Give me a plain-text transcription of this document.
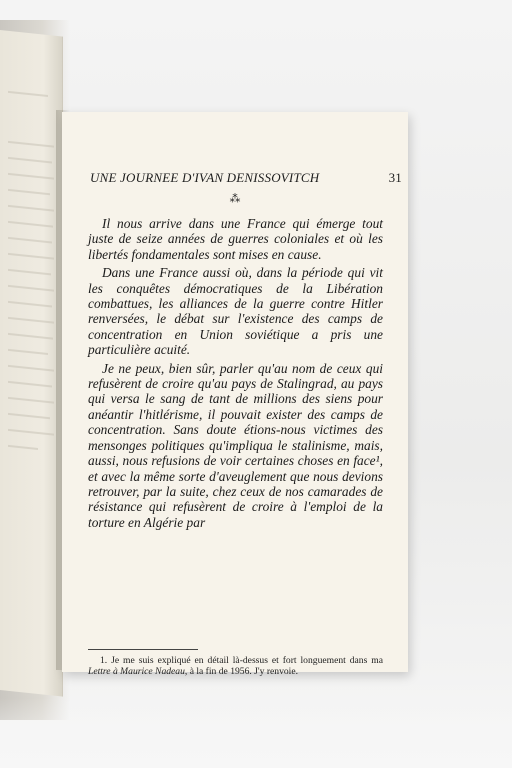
UNE JOURNEE D'IVAN DENISSOVITCH	31
⁂

Il nous arrive dans une France qui émerge tout juste de seize années de guerres coloniales et où les libertés fondamentales sont mises en cause.

Dans une France aussi où, dans la période qui vit les conquêtes démocratiques de la Libération combattues, les alliances de la guerre contre Hitler renversées, le débat sur l'existence des camps de concentration en Union soviétique a pris une particulière acuité.

Je ne peux, bien sûr, parler qu'au nom de ceux qui refusèrent de croire qu'au pays de Stalingrad, au pays qui versa le sang de tant de millions des siens pour anéantir l'hitlérisme, il pouvait exister des camps de concentration. Sans doute étions-nous victimes des mensonges politiques qu'impliqua le stalinisme, mais, aussi, nous refusions de voir certaines choses en face¹, et avec la même sorte d'aveuglement que nous devions retrouver, par la suite, chez ceux de nos camarades de résistance qui refusèrent de croire à l'emploi de la torture en Algérie par

1. Je me suis expliqué en détail là-dessus et fort longuement dans ma Lettre à Maurice Nadeau, à la fin de 1956. J'y renvoie.
